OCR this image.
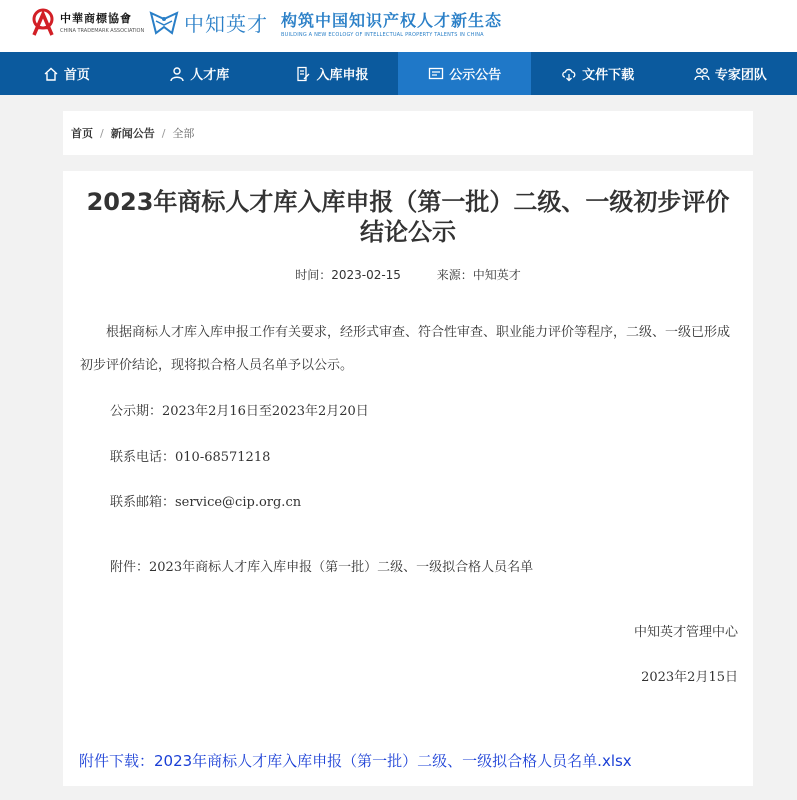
中華商標協會
CHINA TRADEMARK ASSOCIATION 中知英才 构筑中国知识产权人才新生态
BUILDING A NEW ECOLOGY OF INTELLECTUAL PROPERTY TALENTS IN CHINA
首页	人才库	入库申报	公示公告	文件下载	专家团队
首页 / 新闻公告 / 全部
2023年商标人才库入库申报（第一批）二级、一级初步评价结论公示
时间：2023-02-15	来源：中知英才

根据商标人才库入库申报工作有关要求，经形式审查、符合性审查、职业能力评价等程序，二级、一级已形成初步评价结论，现将拟合格人员名单予以公示。

公示期：2023年2月16日至2023年2月20日
联系电话：010-68571218
联系邮箱：service@cip.org.cn
附件：2023年商标人才库入库申报（第一批）二级、一级拟合格人员名单
中知英才管理中心
2023年2月15日
附件下载：2023年商标人才库入库申报（第一批）二级、一级拟合格人员名单.xlsx
